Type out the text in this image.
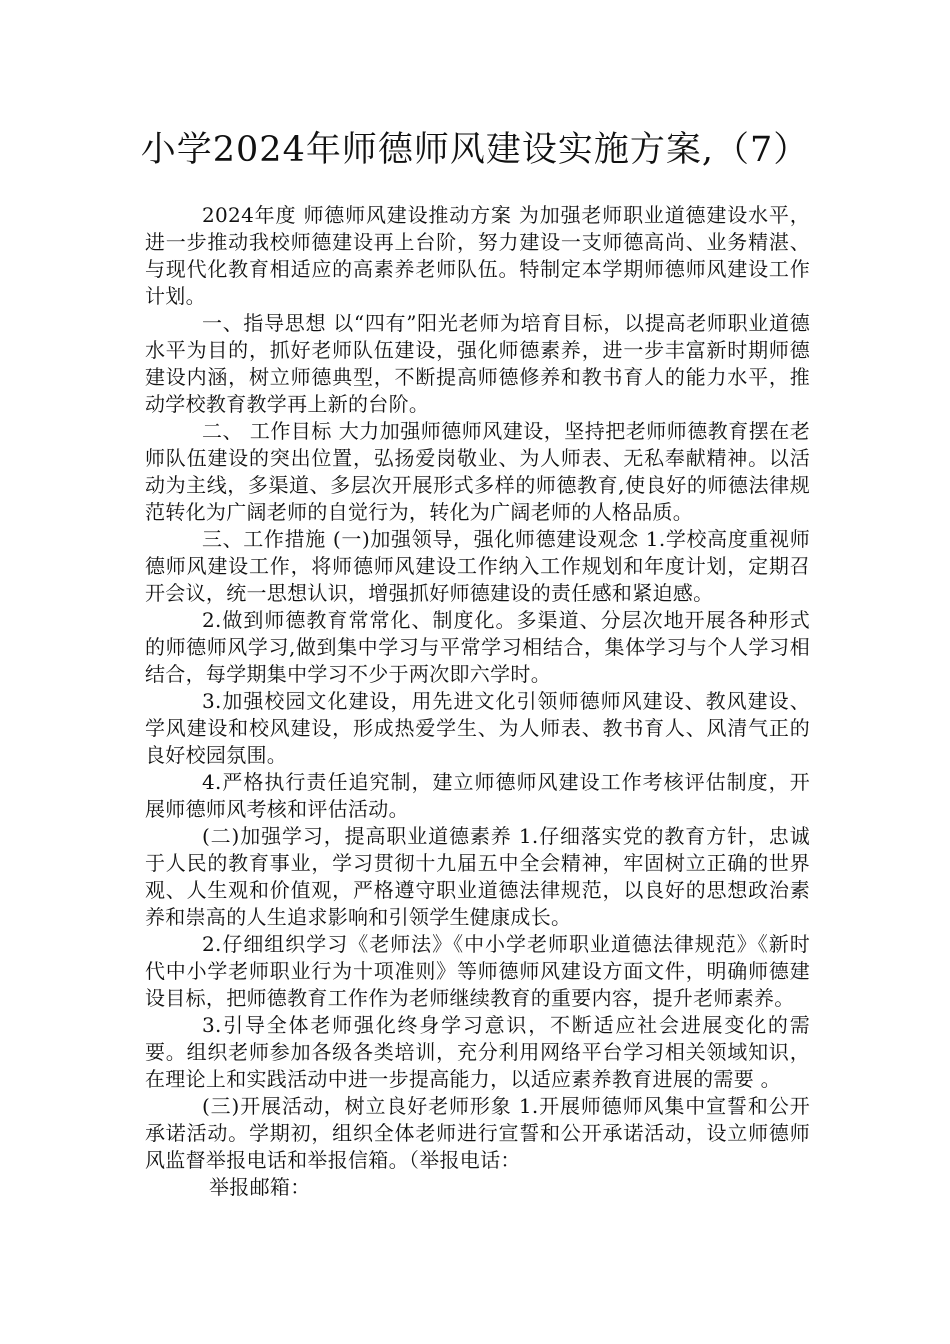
小学2024年师德师风建设实施方案,（7）

2024年度 师德师风建设推动方案 为加强老师职业道德建设水平，进一步推动我校师德建设再上台阶，努力建设一支师德高尚、业务精湛、与现代化教育相适应的高素养老师队伍。特制定本学期师德师风建设工作计划。

一、指导思想 以“四有”阳光老师为培育目标，以提高老师职业道德水平为目的，抓好老师队伍建设，强化师德素养，进一步丰富新时期师德建设内涵，树立师德典型，不断提高师德修养和教书育人的能力水平，推动学校教育教学再上新的台阶。

二、 工作目标 大力加强师德师风建设，坚持把老师师德教育摆在老师队伍建设的突出位置，弘扬爱岗敬业、为人师表、无私奉献精神。以活动为主线，多渠道、多层次开展形式多样的师德教育,使良好的师德法律规范转化为广阔老师的自觉行为，转化为广阔老师的人格品质。

三、工作措施 (一)加强领导，强化师德建设观念 1.学校高度重视师德师风建设工作，将师德师风建设工作纳入工作规划和年度计划，定期召开会议，统一思想认识，增强抓好师德建设的责任感和紧迫感。

2.做到师德教育常常化、制度化。多渠道、分层次地开展各种形式的师德师风学习,做到集中学习与平常学习相结合，集体学习与个人学习相结合，每学期集中学习不少于两次即六学时。

3.加强校园文化建设，用先进文化引领师德师风建设、教风建设、学风建设和校风建设，形成热爱学生、为人师表、教书育人、风清气正的良好校园氛围。

4.严格执行责任追究制，建立师德师风建设工作考核评估制度，开展师德师风考核和评估活动。

(二)加强学习，提高职业道德素养 1.仔细落实党的教育方针，忠诚于人民的教育事业，学习贯彻十九届五中全会精神，牢固树立正确的世界观、人生观和价值观，严格遵守职业道德法律规范，以良好的思想政治素养和崇高的人生追求影响和引领学生健康成长。

2.仔细组织学习《老师法》《中小学老师职业道德法律规范》《新时代中小学老师职业行为十项准则》等师德师风建设方面文件，明确师德建设目标，把师德教育工作作为老师继续教育的重要内容，提升老师素养。

3.引导全体老师强化终身学习意识，不断适应社会进展变化的需要。组织老师参加各级各类培训，充分利用网络平台学习相关领域知识，在理论上和实践活动中进一步提高能力，以适应素养教育进展的需要 。

(三)开展活动，树立良好老师形象 1.开展师德师风集中宣誓和公开承诺活动。学期初，组织全体老师进行宣誓和公开承诺活动，设立师德师风监督举报电话和举报信箱。（举报电话：

举报邮箱：
